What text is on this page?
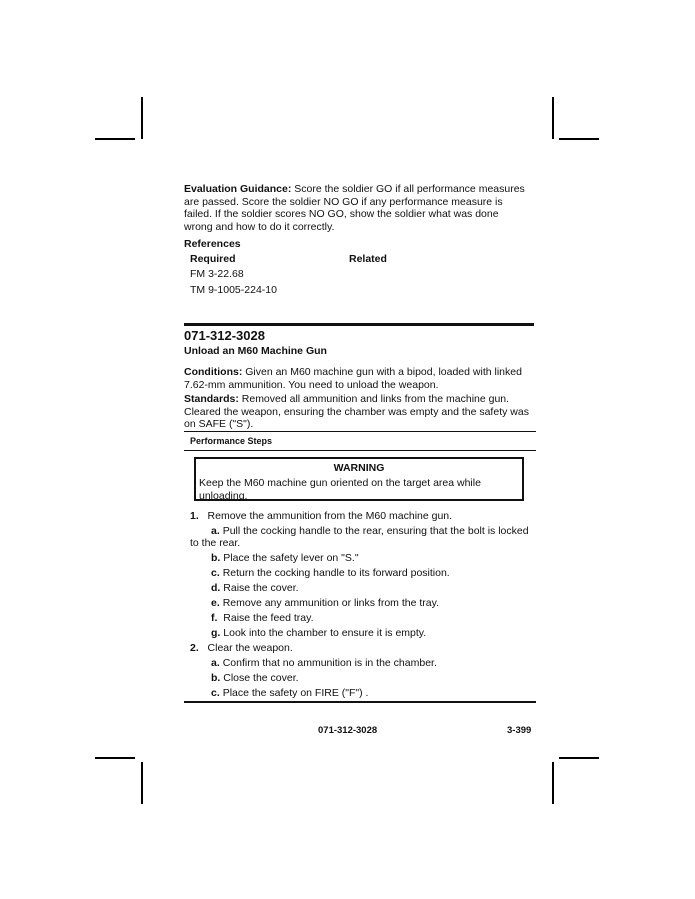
Evaluation Guidance: Score the soldier GO if all performance measures are passed. Score the soldier NO GO if any performance measure is failed. If the soldier scores NO GO, show the soldier what was done wrong and how to do it correctly.
References
Required	Related
FM 3-22.68
TM 9-1005-224-10
071-312-3028
Unload an M60 Machine Gun
Conditions: Given an M60 machine gun with a bipod, loaded with linked 7.62-mm ammunition. You need to unload the weapon.
Standards: Removed all ammunition and links from the machine gun. Cleared the weapon, ensuring the chamber was empty and the safety was on SAFE ("S").
Performance Steps
WARNING
Keep the M60 machine gun oriented on the target area while unloading.
1. Remove the ammunition from the M60 machine gun.
a. Pull the cocking handle to the rear, ensuring that the bolt is locked
to the rear.
b. Place the safety lever on "S."
c. Return the cocking handle to its forward position.
d. Raise the cover.
e. Remove any ammunition or links from the tray.
f. Raise the feed tray.
g. Look into the chamber to ensure it is empty.
2. Clear the weapon.
a. Confirm that no ammunition is in the chamber.
b. Close the cover.
c. Place the safety on FIRE ("F") .
071-312-3028	3-399
